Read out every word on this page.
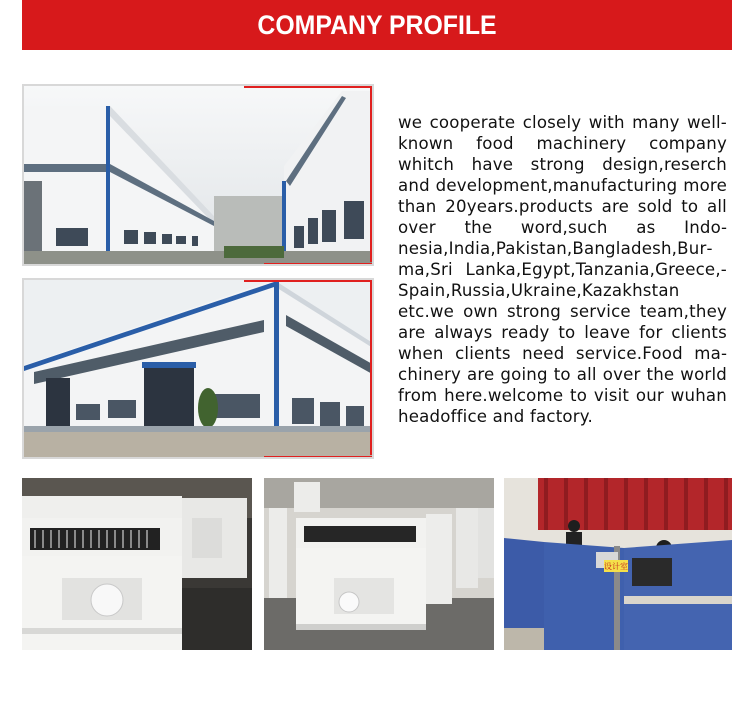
COMPANY PROFILE
we cooperate closely with many well-known food machinery company whitch have strong design,reserch and development,manufacturing more than 20years.products are sold to all over the word,such as Indonesia,India,Pakistan,Bangladesh,Burma,Sri Lanka,Egypt,Tanzania,Greece,-Spain,Russia,Ukraine,Kazakhstan etc.we own strong service team,they are always ready to leave for clients when clients need service.Food machinery are going to all over the world from here.welcome to visit our wuhan headoffice and factory.
设计室
